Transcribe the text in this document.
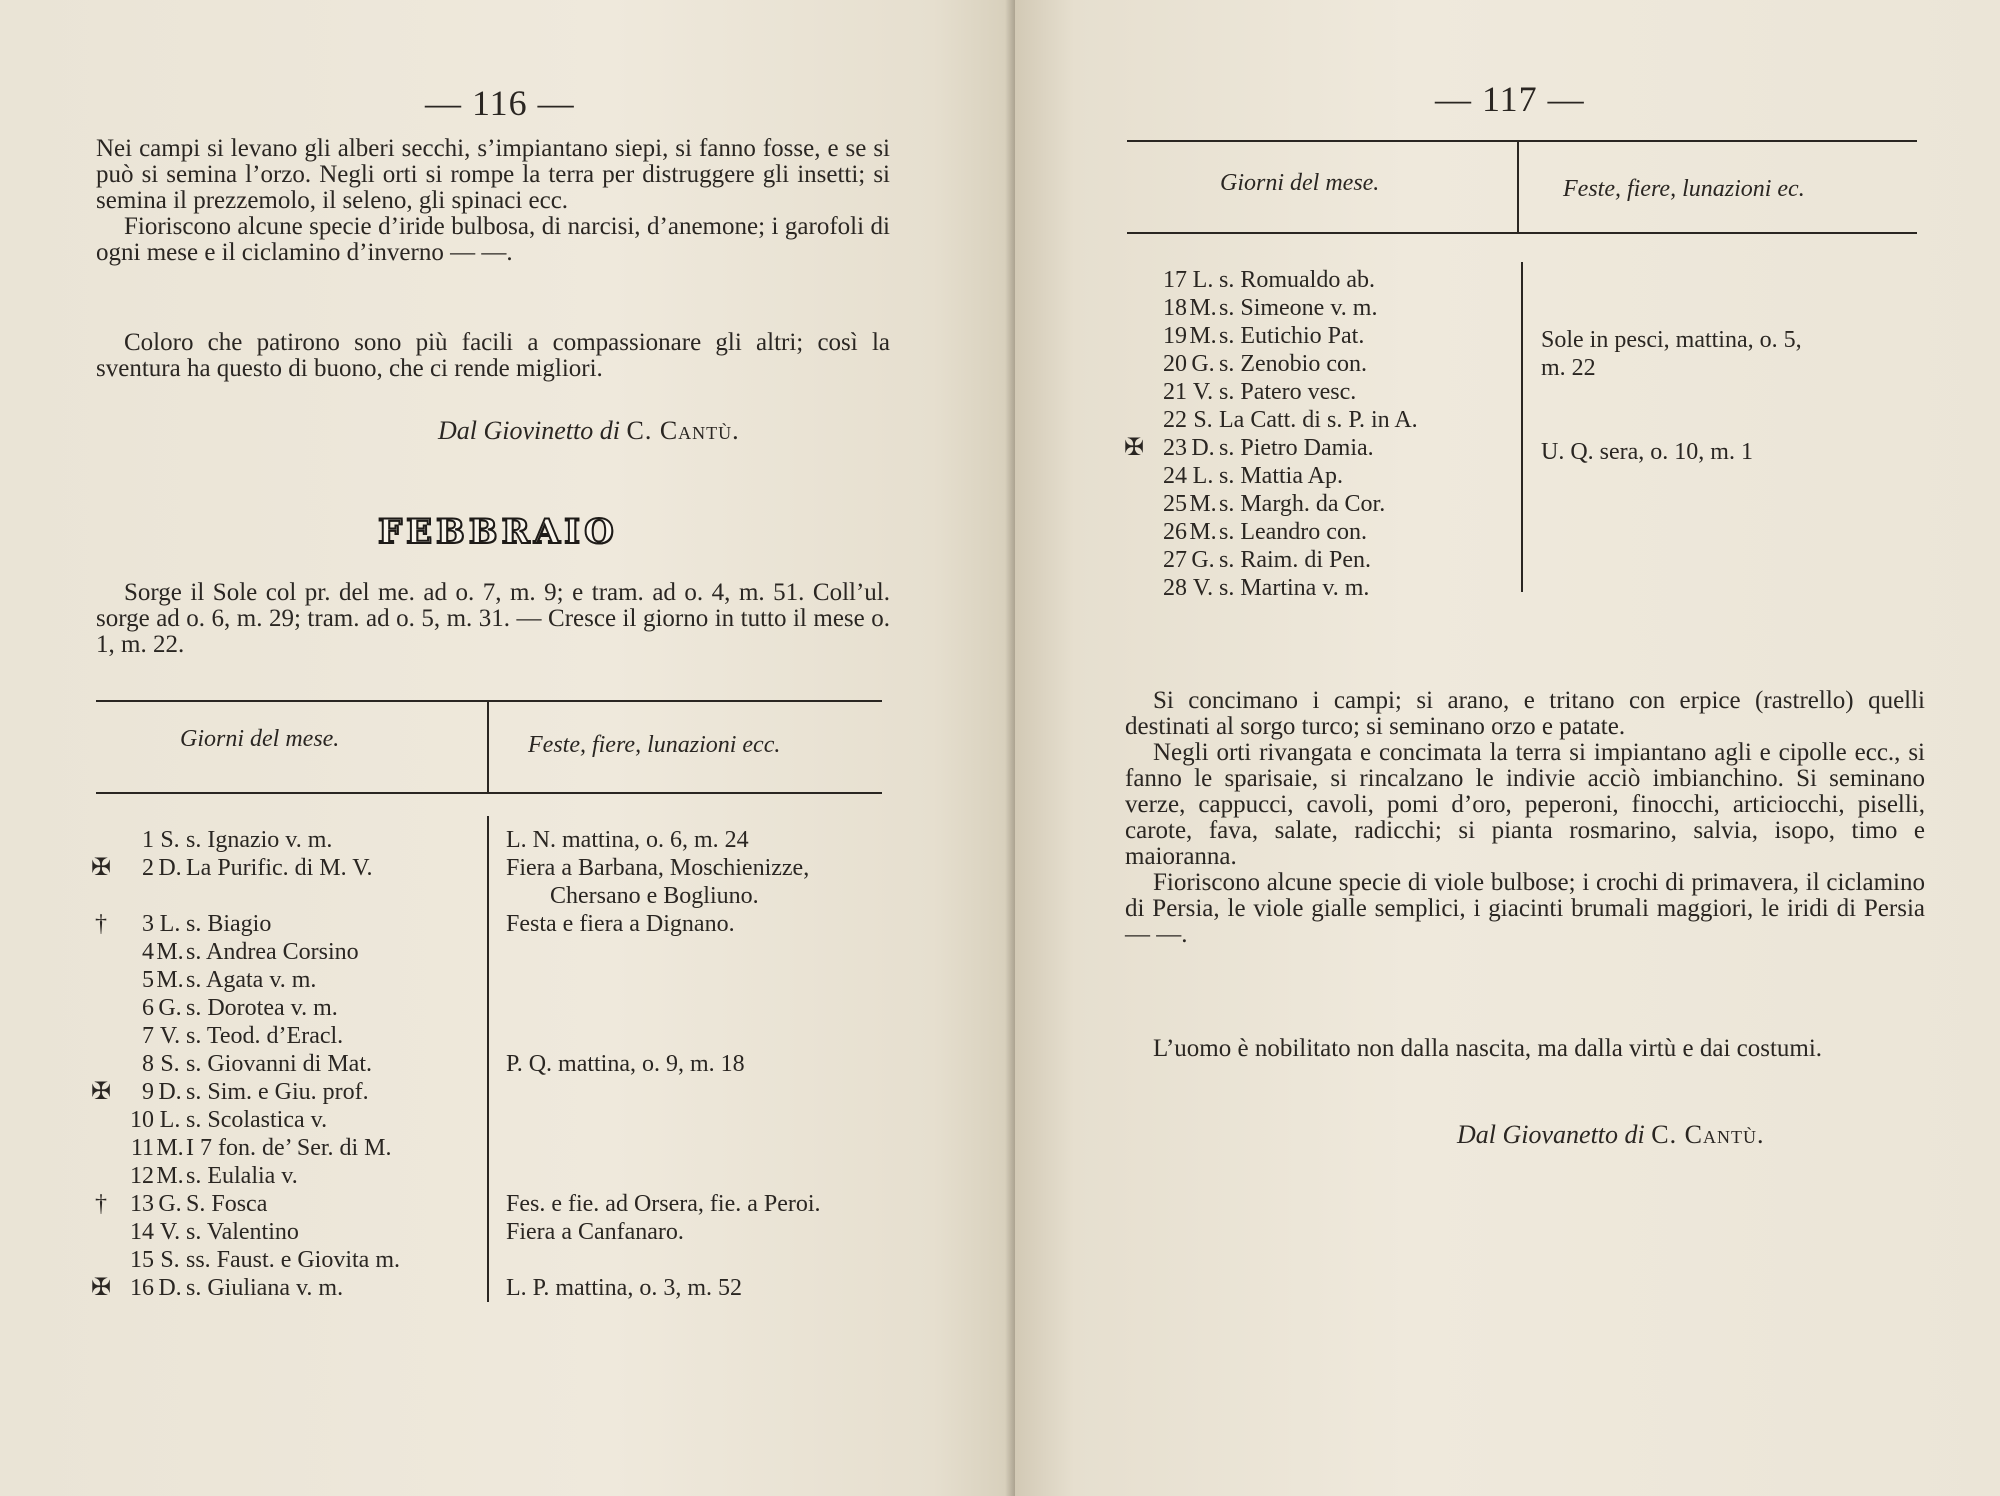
— 116 —

Nei campi si levano gli alberi secchi, s’impiantano siepi, si fanno fosse, e se si può si semina l’orzo. Negli orti si rompe la terra per distruggere gli insetti; si semina il prezzemolo, il seleno, gli spinaci ecc.

Fioriscono alcune specie d’iride bulbosa, di narcisi, d’anemone; i garofoli di ogni mese e il ciclamino d’inverno — —.

Coloro che patirono sono più facili a compassionare gli altri; così la sventura ha questo di buono, che ci rende migliori.
Dal Giovinetto di C. Cantù.
FEBBRAIO
Sorge il Sole col pr. del me. ad o. 7, m. 9; e tram. ad o. 4, m. 51. Coll’ul. sorge ad o. 6, m. 29; tram. ad o. 5, m. 31. — Cresce il giorno in tutto il mese o. 1, m. 22.
Giorni del mese.	Feste, fiere, lunazioni ecc.
1 S. s. Ignazio v. m.
✠ 2 D. La Purific. di M. V.
† 3 L. s. Biagio
4M.s. Andrea Corsino
5M.s. Agata v. m.
6 G. s. Dorotea v. m.
7 V. s. Teod. d’Eracl.
8 S. s. Giovanni di Mat.
✠ 9 D. s. Sim. e Giu. prof.
10 L. s. Scolastica v.
11M.I 7 fon. de’ Ser. di M.
12M.s. Eulalia v.
† 13 G. S. Fosca
14 V. s. Valentino
15 S. ss. Faust. e Giovita m.
✠ 16 D. s. Giuliana v. m.
L. N. mattina, o. 6, m. 24
Fiera a Barbana, Moschienizze,
Chersano e Bogliuno.
Festa e fiera a Dignano.
P. Q. mattina, o. 9, m. 18
Fes. e fie. ad Orsera, fie. a Peroi.
Fiera a Canfanaro.
L. P. mattina, o. 3, m. 52
— 117 —
Giorni del mese.	Feste, fiere, lunazioni ec.
17 L. s. Romualdo ab.
18M.s. Simeone v. m.
19M.s. Eutichio Pat.
20 G. s. Zenobio con.
21 V. s. Patero vesc.
22 S. La Catt. di s. P. in A.
✠ 23 D. s. Pietro Damia.
24 L. s. Mattia Ap.
25M.s. Margh. da Cor.
26M.s. Leandro con.
27 G. s. Raim. di Pen.
28 V. s. Martina v. m.
Sole in pesci, mattina, o. 5,
m. 22
U. Q. sera, o. 10, m. 1

Si concimano i campi; si arano, e tritano con erpice (rastrello) quelli destinati al sorgo turco; si seminano orzo e patate.

Negli orti rivangata e concimata la terra si impiantano agli e cipolle ecc., si fanno le sparisaie, si rincalzano le indivie acciò imbianchino. Si seminano verze, cappucci, cavoli, pomi d’oro, peperoni, finocchi, articiocchi, piselli, carote, fava, salate, radicchi; si pianta rosmarino, salvia, isopo, timo e maioranna.

Fioriscono alcune specie di viole bulbose; i crochi di primavera, il ciclamino di Persia, le viole gialle semplici, i giacinti brumali maggiori, le iridi di Persia — —.

L’uomo è nobilitato non dalla nascita, ma dalla virtù e dai costumi.
Dal Giovanetto di C. Cantù.
